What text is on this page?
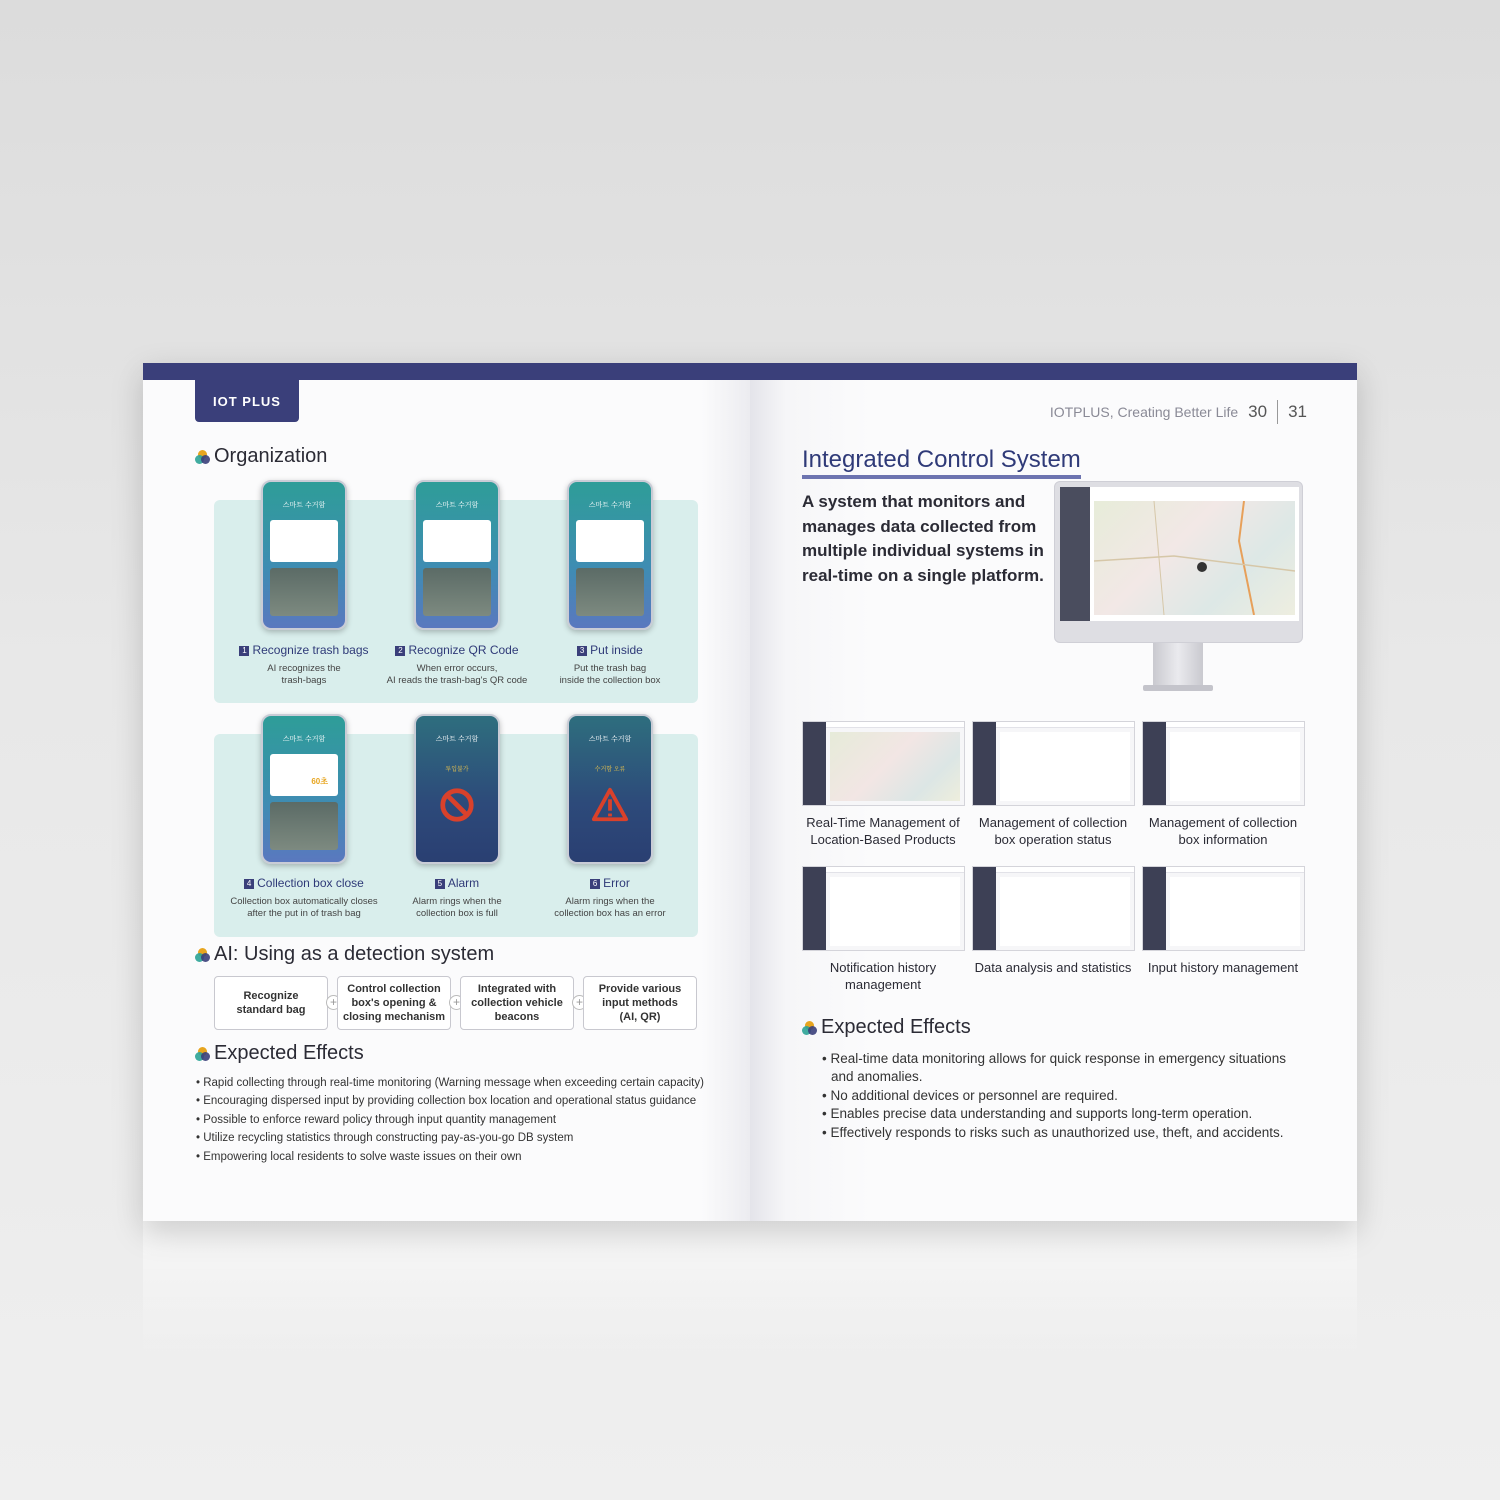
IOT PLUS
Organization
스마트 수거함	스마트 수거함	스마트 수거함
1 Recognize trash bags
AI recognizes the
trash-bags
2 Recognize QR Code
When error occurs,
AI reads the trash-bag's QR code
3 Put inside
Put the trash bag
inside the collection box
스마트 수거함
60초
스마트 수거함
투입불가
스마트 수거함
수거함 오류
4 Collection box close
Collection box automatically closes
after the put in of trash bag
5 Alarm
Alarm rings when the
collection box is full
6 Error
Alarm rings when the
collection box has an error
AI: Using as a detection system
Recognize
standard bag
+
Control collection
box's opening &
closing mechanism
+
Integrated with
collection vehicle
beacons
+
Provide various
input methods
(AI, QR)
Expected Effects
• Rapid collecting through real-time monitoring (Warning message when exceeding certain capacity)
• Encouraging dispersed input by providing collection box location and operational status guidance
• Possible to enforce reward policy through input quantity management
• Utilize recycling statistics through constructing pay-as-you-go DB system
• Empowering local residents to solve waste issues on their own
IOTPLUS, Creating Better Life 30 31
Integrated Control System
A system that monitors and manages data collected from multiple individual systems in real-time on a single platform.
Real-Time Management of
Location-Based Products
Management of collection
box operation status
Management of collection
box information
Notification history
management
Data analysis and statistics	Input history management
Expected Effects
• Real-time data monitoring allows for quick response in emergency situations and anomalies.
• No additional devices or personnel are required.
• Enables precise data understanding and supports long-term operation.
• Effectively responds to risks such as unauthorized use, theft, and accidents.
